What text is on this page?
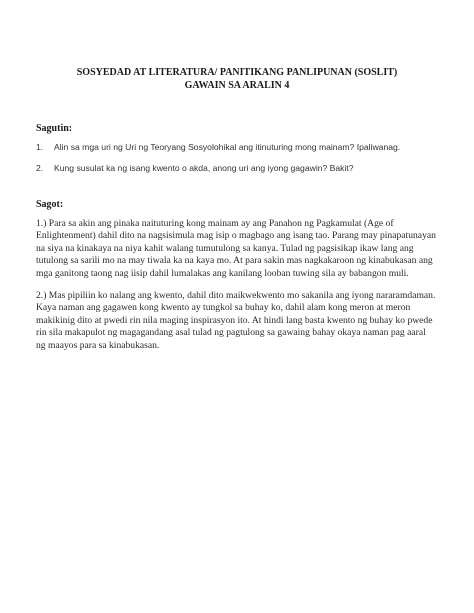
SOSYEDAD AT LITERATURA/ PANITIKANG PANLIPUNAN (SOSLIT)
GAWAIN SA ARALIN 4
Sagutin:
1.	Alin sa mga uri ng Uri ng Teoryang Sosyolohikal ang itinuturing mong mainam? Ipaliwanag.
2.	Kung susulat ka ng isang kwento o akda, anong uri ang iyong gagawin? Bakit?
Sagot:

1.) Para sa akin ang pinaka naituturing kong mainam ay ang Panahon ng Pagkamulat (Age of Enlightenment) dahil dito na nagsisimula mag isip o magbago ang isang tao. Parang may pinapatunayan na siya na kinakaya na niya kahit walang tumutulong sa kanya. Tulad ng pagsisikap ikaw lang ang tutulong sa sarili mo na may tiwala ka na kaya mo. At para sakin mas nagkakaroon ng kinabukasan ang mga ganitong taong nag iisip dahil lumalakas ang kanilang looban tuwing sila ay babangon muli.

2.) Mas pipiliin ko nalang ang kwento, dahil dito maikwekwento mo sakanila ang iyong nararamdaman. Kaya naman ang gagawen kong kwento ay tungkol sa buhay ko, dahil alam kong meron at meron makikinig dito at pwedi rin nila maging inspirasyon ito. At hindi lang basta kwento ng buhay ko pwede rin sila makapulot ng magagandang asal tulad ng pagtulong sa gawaing bahay okaya naman pag aaral ng maayos para sa kinabukasan.
